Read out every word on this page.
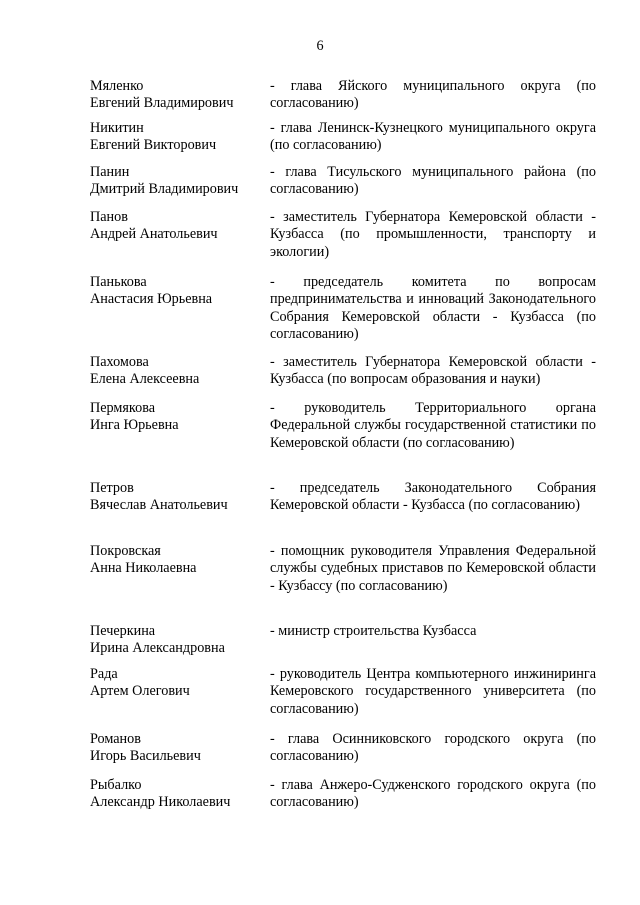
6
Мяленко
Евгений Владимирович
- глава Яйского муниципального округа (по согласованию)
Никитин
Евгений Викторович
- глава Ленинск-Кузнецкого муниципального округа (по согласованию)
Панин
Дмитрий Владимирович
- глава Тисульского муниципального района (по согласованию)
Панов
Андрей Анатольевич
- заместитель Губернатора Кемеровской области - Кузбасса (по промышленности, транспорту и экологии)
Панькова
Анастасия Юрьевна
- председатель комитета по вопросам предпринимательства и инноваций Законодательного Собрания Кемеровской области - Кузбасса (по согласованию)
Пахомова
Елена Алексеевна
- заместитель Губернатора Кемеровской области - Кузбасса (по вопросам образования и науки)
Пермякова
Инга Юрьевна
- руководитель Территориального органа Федеральной службы государственной статистики по Кемеровской области (по согласованию)
Петров
Вячеслав Анатольевич
- председатель Законодательного Собрания Кемеровской области - Кузбасса (по согласованию)
Покровская
Анна Николаевна
- помощник руководителя Управления Федеральной службы судебных приставов по Кемеровской области - Кузбассу (по согласованию)
Печеркина
Ирина Александровна
- министр строительства Кузбасса
Рада
Артем Олегович
- руководитель Центра компьютерного инжиниринга Кемеровского государственного университета (по согласованию)
Романов
Игорь Васильевич
- глава Осинниковского городского округа (по согласованию)
Рыбалко
Александр Николаевич
- глава Анжеро-Судженского городского округа (по согласованию)
